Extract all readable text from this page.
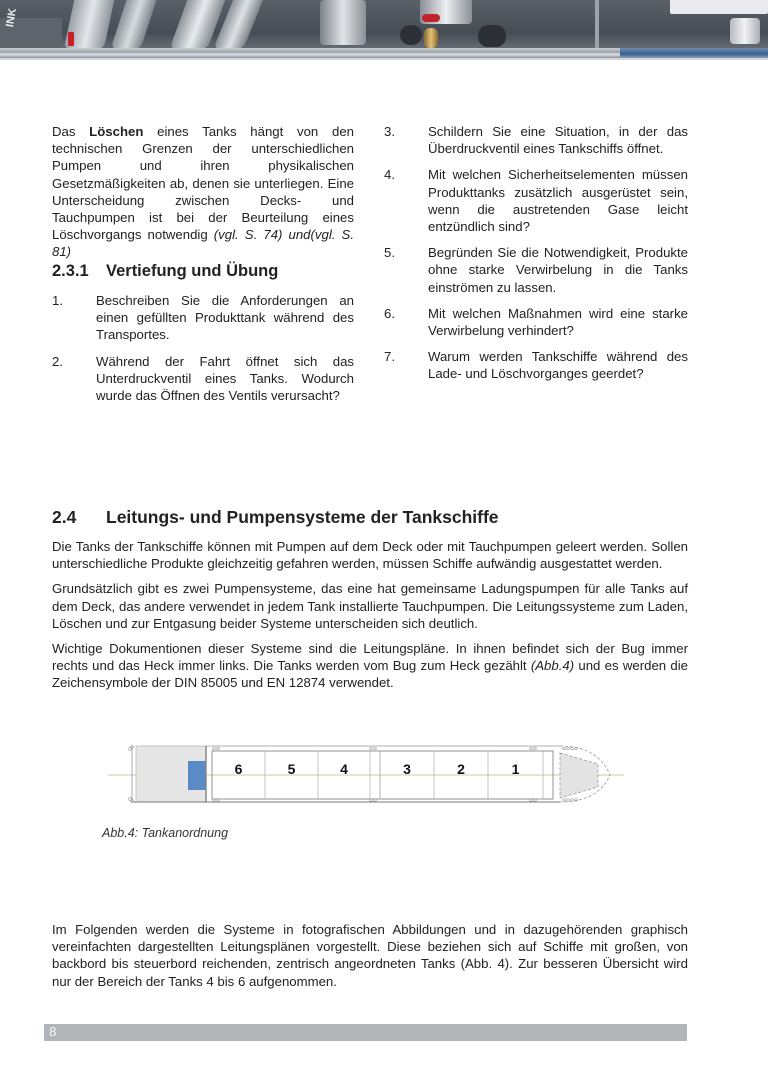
INK

Das Löschen eines Tanks hängt von den technischen Grenzen der unterschiedlichen Pumpen und ihren physikalischen Gesetzmäßigkeiten ab, denen sie unterliegen. Eine Unterscheidung zwischen Decks- und Tauchpumpen ist bei der Beurteilung eines Löschvorgangs notwendig (vgl. S. 74) und(vgl. S. 81)

2.3.1 Vertiefung und Übung
1.	Beschreiben Sie die Anforderungen an einen gefüllten Produkttank während des Transportes.
2.	Während der Fahrt öffnet sich das Unterdruckventil eines Tanks. Wodurch wurde das Öffnen des Ventils verursacht?
3.	Schildern Sie eine Situation, in der das Überdruckventil eines Tankschiffs öffnet.
4.	Mit welchen Sicherheitselementen müssen Produkttanks zusätzlich ausgerüstet sein, wenn die austretenden Gase leicht entzündlich sind?
5.	Begründen Sie die Notwendigkeit, Produkte ohne starke Verwirbelung in die Tanks einströmen zu lassen.
6.	Mit welchen Maßnahmen wird eine starke Verwirbelung verhindert?
7.	Warum werden Tankschiffe während des Lade- und Löschvorganges geerdet?
2.4 Leitungs- und Pumpensysteme der Tankschiffe

Die Tanks der Tankschiffe können mit Pumpen auf dem Deck oder mit Tauchpumpen geleert werden. Sollen unterschiedliche Produkte gleichzeitig gefahren werden, müssen Schiffe aufwändig ausgestattet werden.

Grundsätzlich gibt es zwei Pumpensysteme, das eine hat gemeinsame Ladungspumpen für alle Tanks auf dem Deck, das andere verwendet in jedem Tank installierte Tauchpumpen. Die Leitungssysteme zum Laden, Löschen und zur Entgasung beider Systeme unterscheiden sich deutlich.

Wichtige Dokumentionen dieser Systeme sind die Leitungspläne. In ihnen befindet sich der Bug immer rechts und das Heck immer links. Die Tanks werden vom Bug zum Heck gezählt (Abb.4) und es werden die Zeichensymbole der DIN 85005 und EN 12874 verwendet.

6	5	4	3	2	1
Abb.4: Tankanordnung

Im Folgenden werden die Systeme in fotografischen Abbildungen und in dazugehörenden graphisch vereinfachten dargestellten Leitungsplänen vorgestellt. Diese beziehen sich auf Schiffe mit großen, von backbord bis steuerbord reichenden, zentrisch angeordneten Tanks (Abb. 4). Zur besseren Übersicht wird nur der Bereich der Tanks 4 bis 6 aufgenommen.

8
